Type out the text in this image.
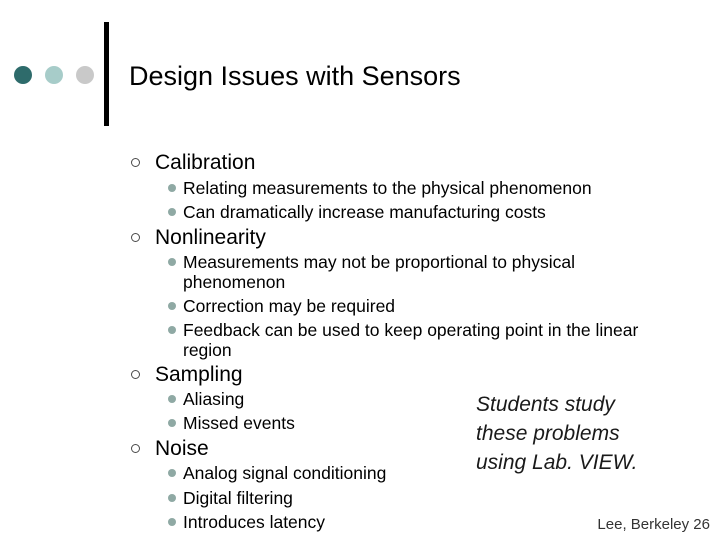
Design Issues with Sensors
Calibration
Relating measurements to the physical phenomenon
Can dramatically increase manufacturing costs
Nonlinearity
Measurements may not be proportional to physical phenomenon
Correction may be required
Feedback can be used to keep operating point in the linear region
Sampling
Aliasing
Missed events
Noise
Analog signal conditioning
Digital filtering
Introduces latency
Students study
these problems
using Lab. VIEW.
Lee, Berkeley 26
